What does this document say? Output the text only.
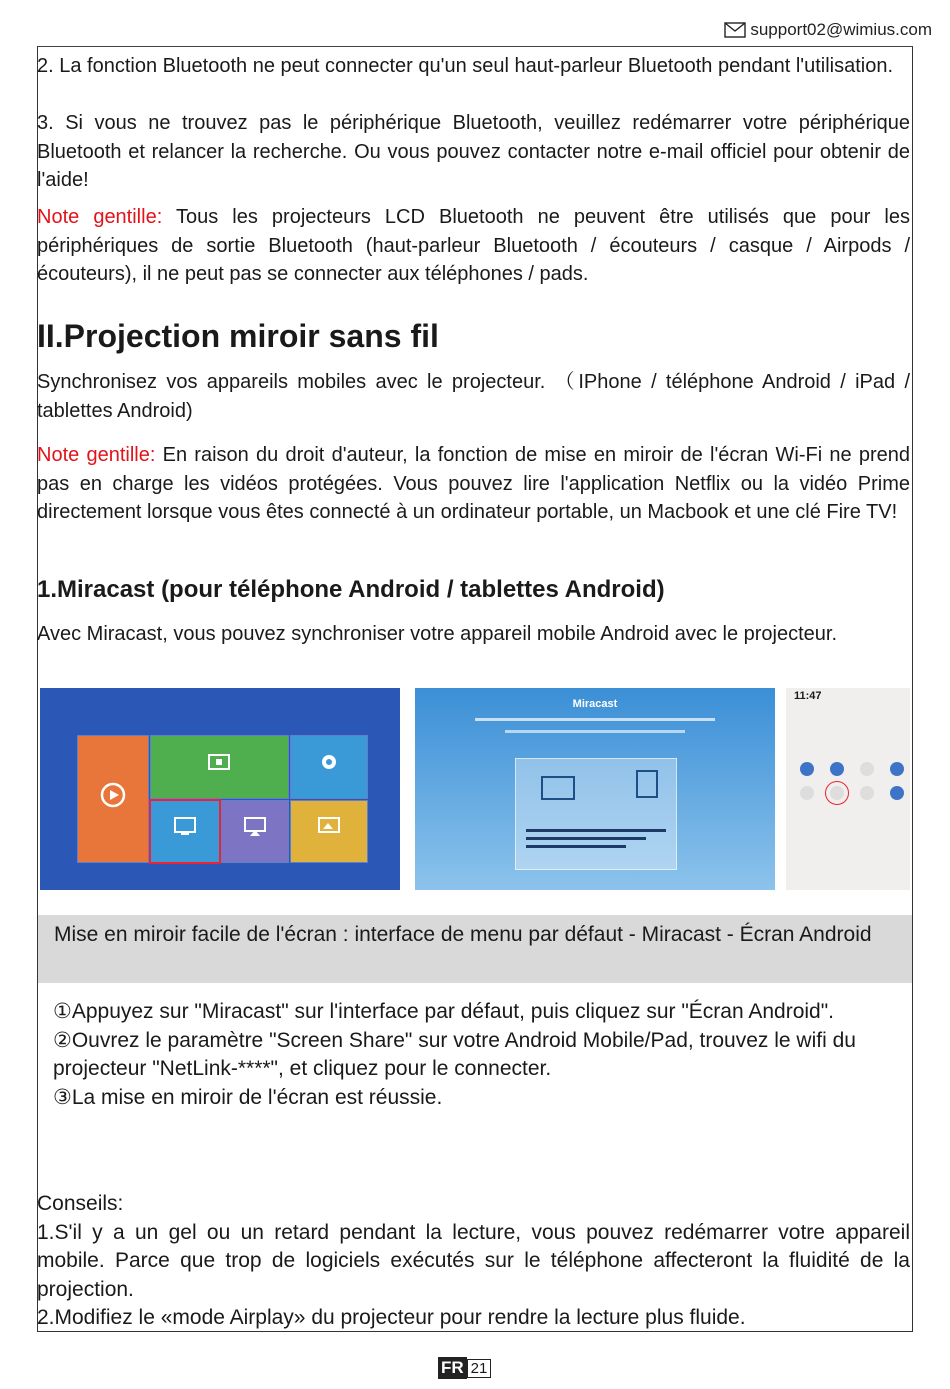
support02@wimius.com

2. La fonction Bluetooth ne peut connecter qu'un seul haut-parleur Bluetooth pendant l'utilisation.

3. Si vous ne trouvez pas le périphérique Bluetooth, veuillez redémarrer votre périphérique Bluetooth et relancer la recherche. Ou vous pouvez contacter notre e-mail officiel pour obtenir de l'aide!

Note gentille: Tous les projecteurs LCD Bluetooth ne peuvent être utilisés que pour les périphériques de sortie Bluetooth (haut-parleur Bluetooth / écouteurs / casque / Airpods / écouteurs), il ne peut pas se connecter aux téléphones / pads.

II.Projection miroir sans fil

Synchronisez vos appareils mobiles avec le projecteur. （IPhone / téléphone Android / iPad / tablettes Android)

Note gentille: En raison du droit d'auteur, la fonction de mise en miroir de l'écran Wi-Fi ne prend pas en charge les vidéos protégées. Vous pouvez lire l'application Netflix ou la vidéo Prime directement lorsque vous êtes connecté à un ordinateur portable, un Macbook et une clé Fire TV!

1.Miracast (pour téléphone Android / tablettes Android)

Avec Miracast, vous pouvez synchroniser votre appareil mobile Android avec le projecteur.

Miracast
11:47
Mise en miroir facile de l'écran : interface de menu par défaut - Miracast - Écran Android
①Appuyez sur "Miracast" sur l'interface par défaut, puis cliquez sur "Écran Android".
②Ouvrez le paramètre "Screen Share" sur votre Android Mobile/Pad, trouvez le wifi du projecteur "NetLink-****", et cliquez pour le connecter.
③La mise en miroir de l'écran est réussie.
Conseils:
1.S'il y a un gel ou un retard pendant la lecture, vous pouvez redémarrer votre appareil mobile. Parce que trop de logiciels exécutés sur le téléphone affecteront la fluidité de la projection.
2.Modifiez le «mode Airplay» du projecteur pour rendre la lecture plus fluide.
FR 21
